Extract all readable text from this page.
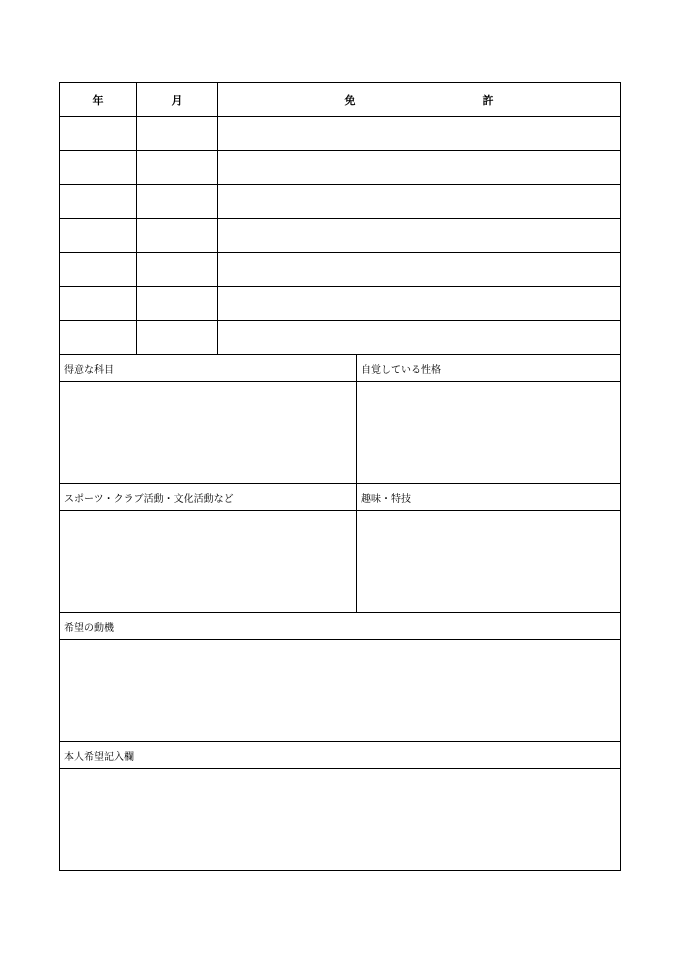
年	月	免　許

得意な科目	自覚している性格

スポーツ・クラブ活動・文化活動など	趣味・特技

希望の動機	

本人希望記入欄	
